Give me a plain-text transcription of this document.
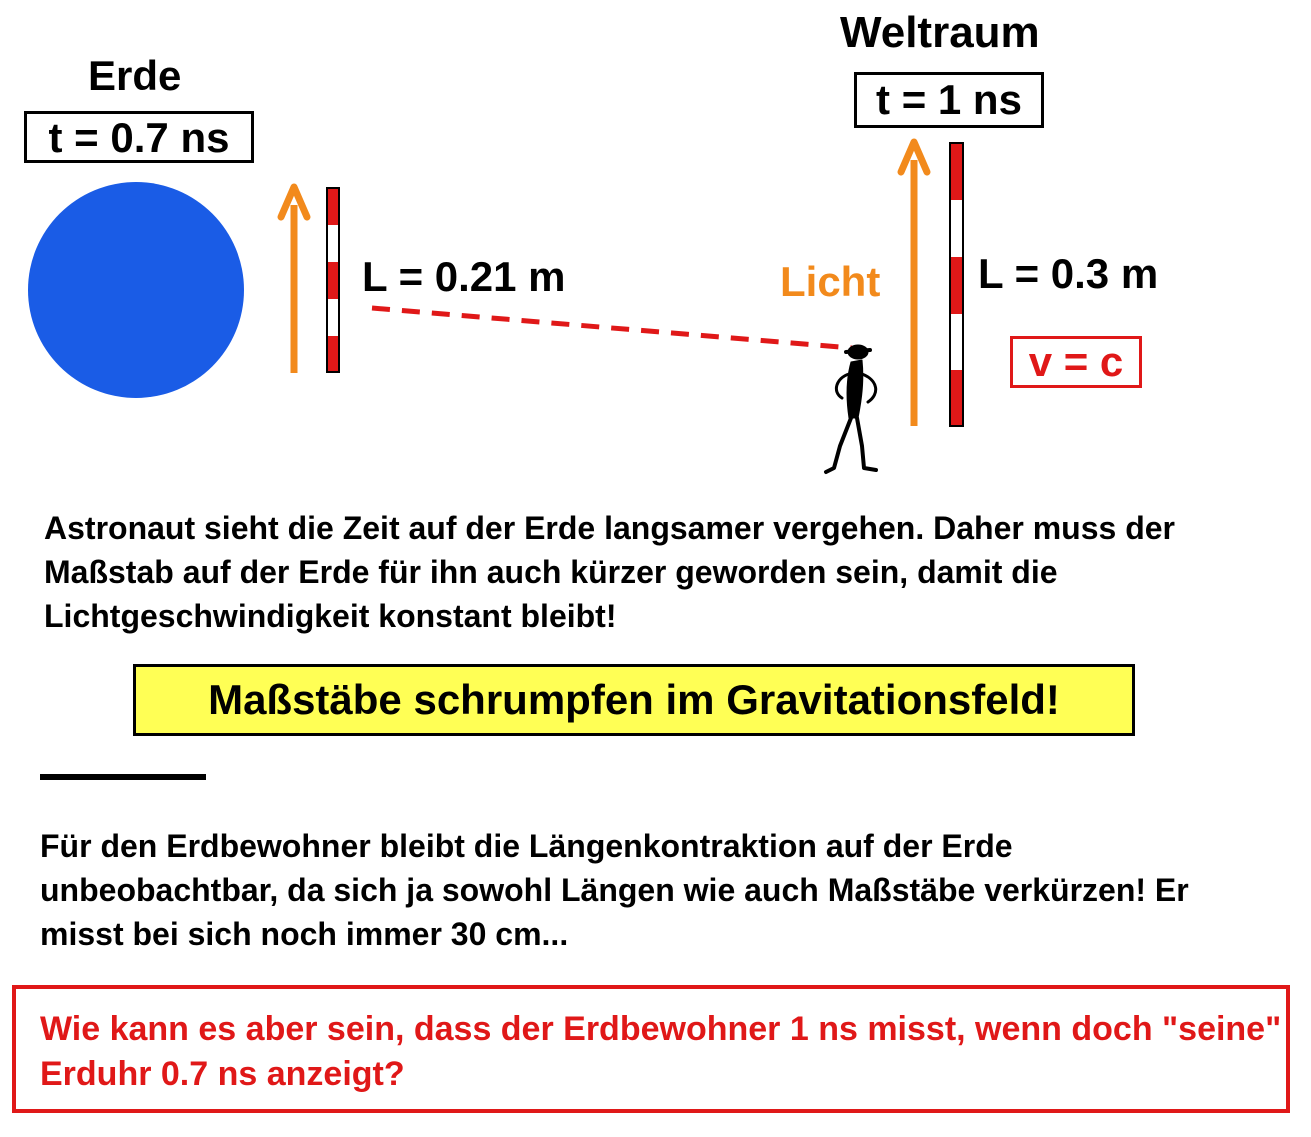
Erde
t = 0.7 ns
L = 0.21 m
Weltraum
t = 1 ns
Licht L = 0.3 m
v = c
Astronaut sieht die Zeit auf der Erde langsamer vergehen. Daher muss der Maßstab auf der Erde für ihn auch kürzer geworden sein, damit die Lichtgeschwindigkeit konstant bleibt!
Maßstäbe schrumpfen im Gravitationsfeld!
Für den Erdbewohner bleibt die Längenkontraktion auf der Erde unbeobachtbar, da sich ja sowohl Längen wie auch Maßstäbe verkürzen! Er misst bei sich noch immer 30 cm...
Wie kann es aber sein, dass der Erdbewohner 1 ns misst, wenn doch "seine" Erduhr 0.7 ns anzeigt?
